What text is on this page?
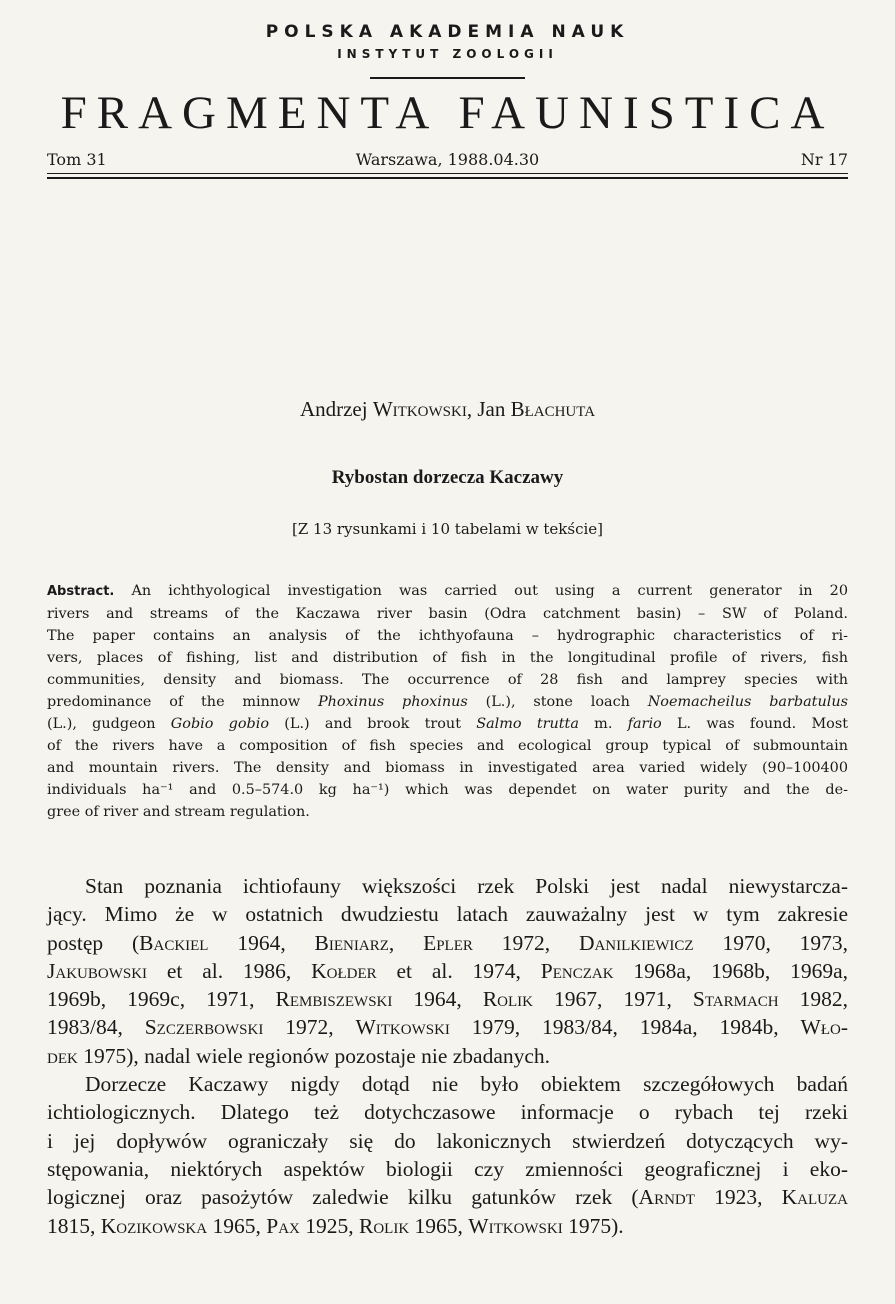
POLSKA AKADEMIA NAUK
INSTYTUT ZOOLOGII
FRAGMENTA FAUNISTICA
Tom 31	Warszawa, 1988.04.30	Nr 17
Andrzej Witkowski, Jan Błachuta
Rybostan dorzecza Kaczawy
[Z 13 rysunkami i 10 tabelami w tekście]
Abstract. An ichthyological investigation was carried out using a current generator in 20
rivers and streams of the Kaczawa river basin (Odra catchment basin) – SW of Poland.
The paper contains an analysis of the ichthyofauna – hydrographic characteristics of ri-
vers, places of fishing, list and distribution of fish in the longitudinal profile of rivers, fish
communities, density and biomass. The occurrence of 28 fish and lamprey species with
predominance of the minnow Phoxinus phoxinus (L.), stone loach Noemacheilus barbatulus
(L.), gudgeon Gobio gobio (L.) and brook trout Salmo trutta m. fario L. was found. Most
of the rivers have a composition of fish species and ecological group typical of submountain
and mountain rivers. The density and biomass in investigated area varied widely (90–100400
individuals ha⁻¹ and 0.5–574.0 kg ha⁻¹) which was dependet on water purity and the de-
gree of river and stream regulation.
Stan poznania ichtiofauny większości rzek Polski jest nadal niewystarcza-
jący. Mimo że w ostatnich dwudziestu latach zauważalny jest w tym zakresie
postęp (Backiel 1964, Bieniarz, Epler 1972, Danilkiewicz 1970, 1973,
Jakubowski et al. 1986, Kołder et al. 1974, Penczak 1968a, 1968b, 1969a,
1969b, 1969c, 1971, Rembiszewski 1964, Rolik 1967, 1971, Starmach 1982,
1983/84, Szczerbowski 1972, Witkowski 1979, 1983/84, 1984a, 1984b, Wło-
dek 1975), nadal wiele regionów pozostaje nie zbadanych.
Dorzecze Kaczawy nigdy dotąd nie było obiektem szczegółowych badań
ichtiologicznych. Dlatego też dotychczasowe informacje o rybach tej rzeki
i jej dopływów ograniczały się do lakonicznych stwierdzeń dotyczących wy-
stępowania, niektórych aspektów biologii czy zmienności geograficznej i eko-
logicznej oraz pasożytów zaledwie kilku gatunków rzek (Arndt 1923, Kaluza
1815, Kozikowska 1965, Pax 1925, Rolik 1965, Witkowski 1975).
